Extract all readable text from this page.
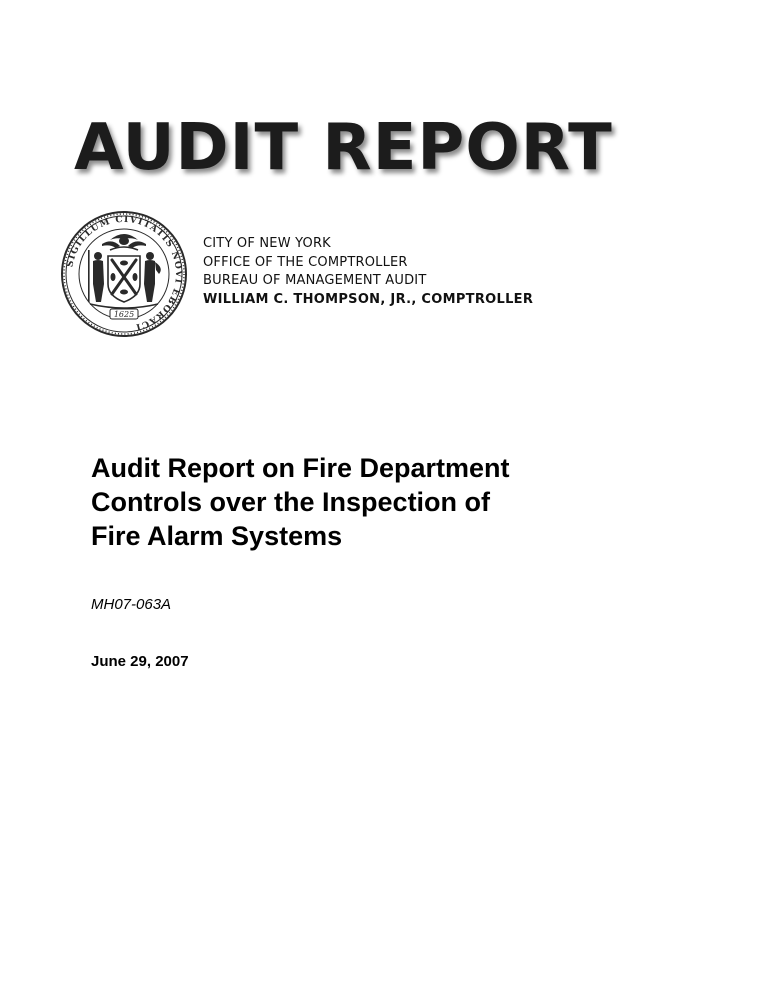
AUDIT REPORT
SIGILLUM CIVITATIS NOVI EBORACI
1625
CITY OF NEW YORK
OFFICE OF THE COMPTROLLER
BUREAU OF MANAGEMENT AUDIT
WILLIAM C. THOMPSON, JR., COMPTROLLER
Audit Report on Fire Department
Controls over the Inspection of
Fire Alarm Systems
MH07-063A
June 29, 2007
